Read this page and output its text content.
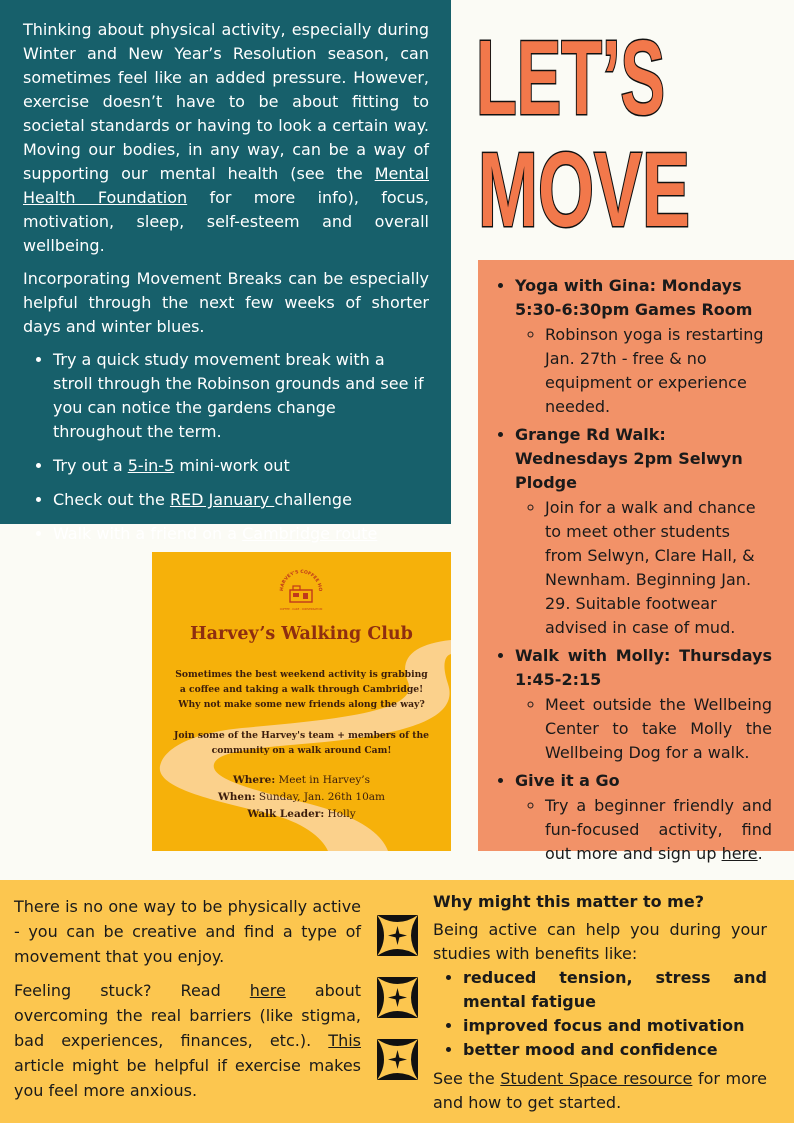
Thinking about physical activity, especially during Winter and New Year’s Resolution season, can sometimes feel like an added pressure. However, exercise doesn’t have to be about fitting to societal standards or having to look a certain way. Moving our bodies, in any way, can be a way of supporting our mental health (see the Mental Health Foundation for more info), focus, motivation, sleep, self-esteem and overall wellbeing.

Incorporating Movement Breaks can be especially helpful through the next few weeks of shorter days and winter blues.

• Try a quick study movement break with a stroll through the Robinson grounds and see if you can notice the gardens change throughout the term.
• Try out a 5-in-5 mini-work out
• Check out the RED January challenge
• Walk with a friend on a Cambridge route
LET’S
MOVE
• Yoga with Gina: Mondays 5:30-6:30pm Games Room
◦ Robinson yoga is restarting Jan. 27th - free & no equipment or experience needed.
• Grange Rd Walk: Wednesdays 2pm Selwyn Plodge
◦ Join for a walk and chance to meet other students from Selwyn, Clare Hall, & Newnham. Beginning Jan. 29. Suitable footwear advised in case of mud.
• Walk with Molly: Thursdays 1:45-2:15
◦ Meet outside the Wellbeing Center to take Molly the Wellbeing Dog for a walk.
• Give it a Go
◦ Try a beginner friendly and fun-focused activity, find out more and sign up here.
HARVEY'S COFFEE HO
COFFEE · CAKE · CONVERSATION
Harvey’s Walking Club
Sometimes the best weekend activity is grabbing a coffee and taking a walk through Cambridge! Why not make some new friends along the way?
Join some of the Harvey's team + members of the community on a walk around Cam!
Where: Meet in Harvey’s
When: Sunday, Jan. 26th 10am
Walk Leader: Holly

There is no one way to be physically active - you can be creative and find a type of movement that you enjoy.

Feeling stuck? Read here about overcoming the real barriers (like stigma, bad experiences, finances, etc.). This article might be helpful if exercise makes you feel more anxious.

Why might this matter to me?

Being active can help you during your studies with benefits like:

• reduced tension, stress and mental fatigue
• improved focus and motivation
• better mood and confidence

See the Student Space resource for more and how to get started.
